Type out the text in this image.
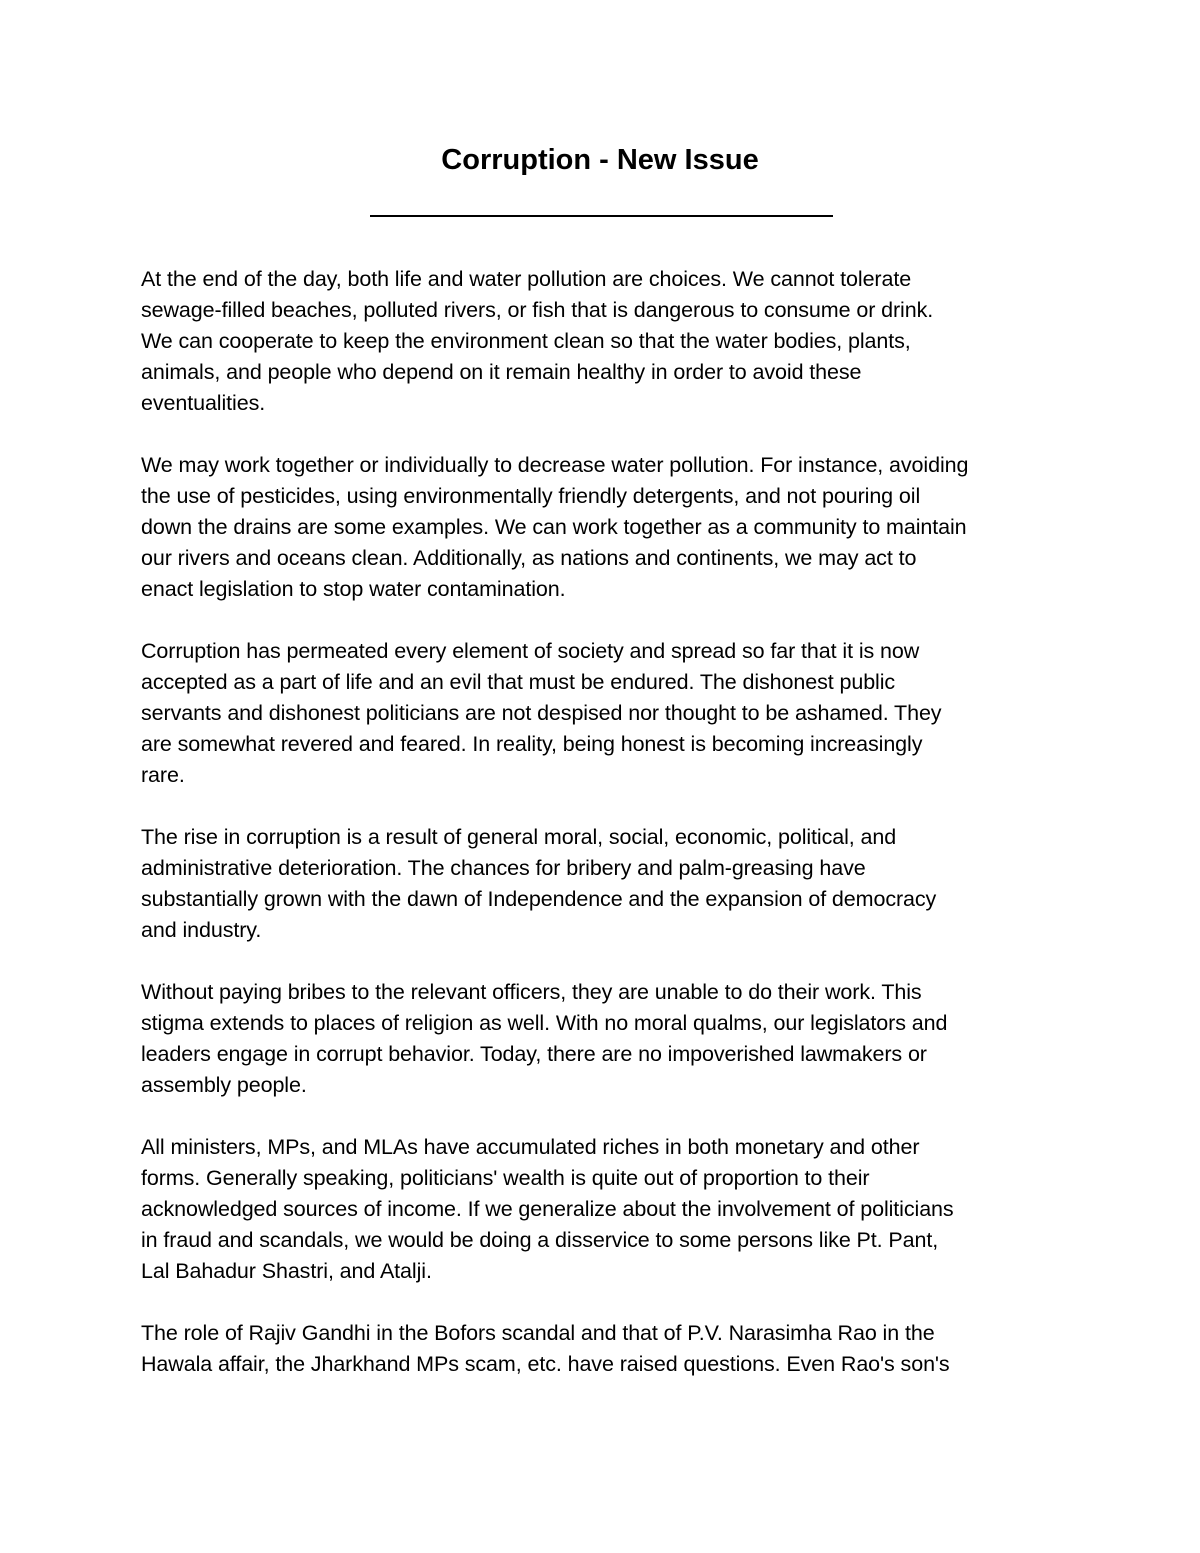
Corruption - New Issue

At the end of the day, both life and water pollution are choices. We cannot tolerate
sewage-filled beaches, polluted rivers, or fish that is dangerous to consume or drink.
We can cooperate to keep the environment clean so that the water bodies, plants,
animals, and people who depend on it remain healthy in order to avoid these
eventualities.

We may work together or individually to decrease water pollution. For instance, avoiding
the use of pesticides, using environmentally friendly detergents, and not pouring oil
down the drains are some examples. We can work together as a community to maintain
our rivers and oceans clean. Additionally, as nations and continents, we may act to
enact legislation to stop water contamination.

Corruption has permeated every element of society and spread so far that it is now
accepted as a part of life and an evil that must be endured. The dishonest public
servants and dishonest politicians are not despised nor thought to be ashamed. They
are somewhat revered and feared. In reality, being honest is becoming increasingly
rare.

The rise in corruption is a result of general moral, social, economic, political, and
administrative deterioration. The chances for bribery and palm-greasing have
substantially grown with the dawn of Independence and the expansion of democracy
and industry.

Without paying bribes to the relevant officers, they are unable to do their work. This
stigma extends to places of religion as well. With no moral qualms, our legislators and
leaders engage in corrupt behavior. Today, there are no impoverished lawmakers or
assembly people.

All ministers, MPs, and MLAs have accumulated riches in both monetary and other
forms. Generally speaking, politicians' wealth is quite out of proportion to their
acknowledged sources of income. If we generalize about the involvement of politicians
in fraud and scandals, we would be doing a disservice to some persons like Pt. Pant,
Lal Bahadur Shastri, and Atalji.

The role of Rajiv Gandhi in the Bofors scandal and that of P.V. Narasimha Rao in the
Hawala affair, the Jharkhand MPs scam, etc. have raised questions. Even Rao's son's
